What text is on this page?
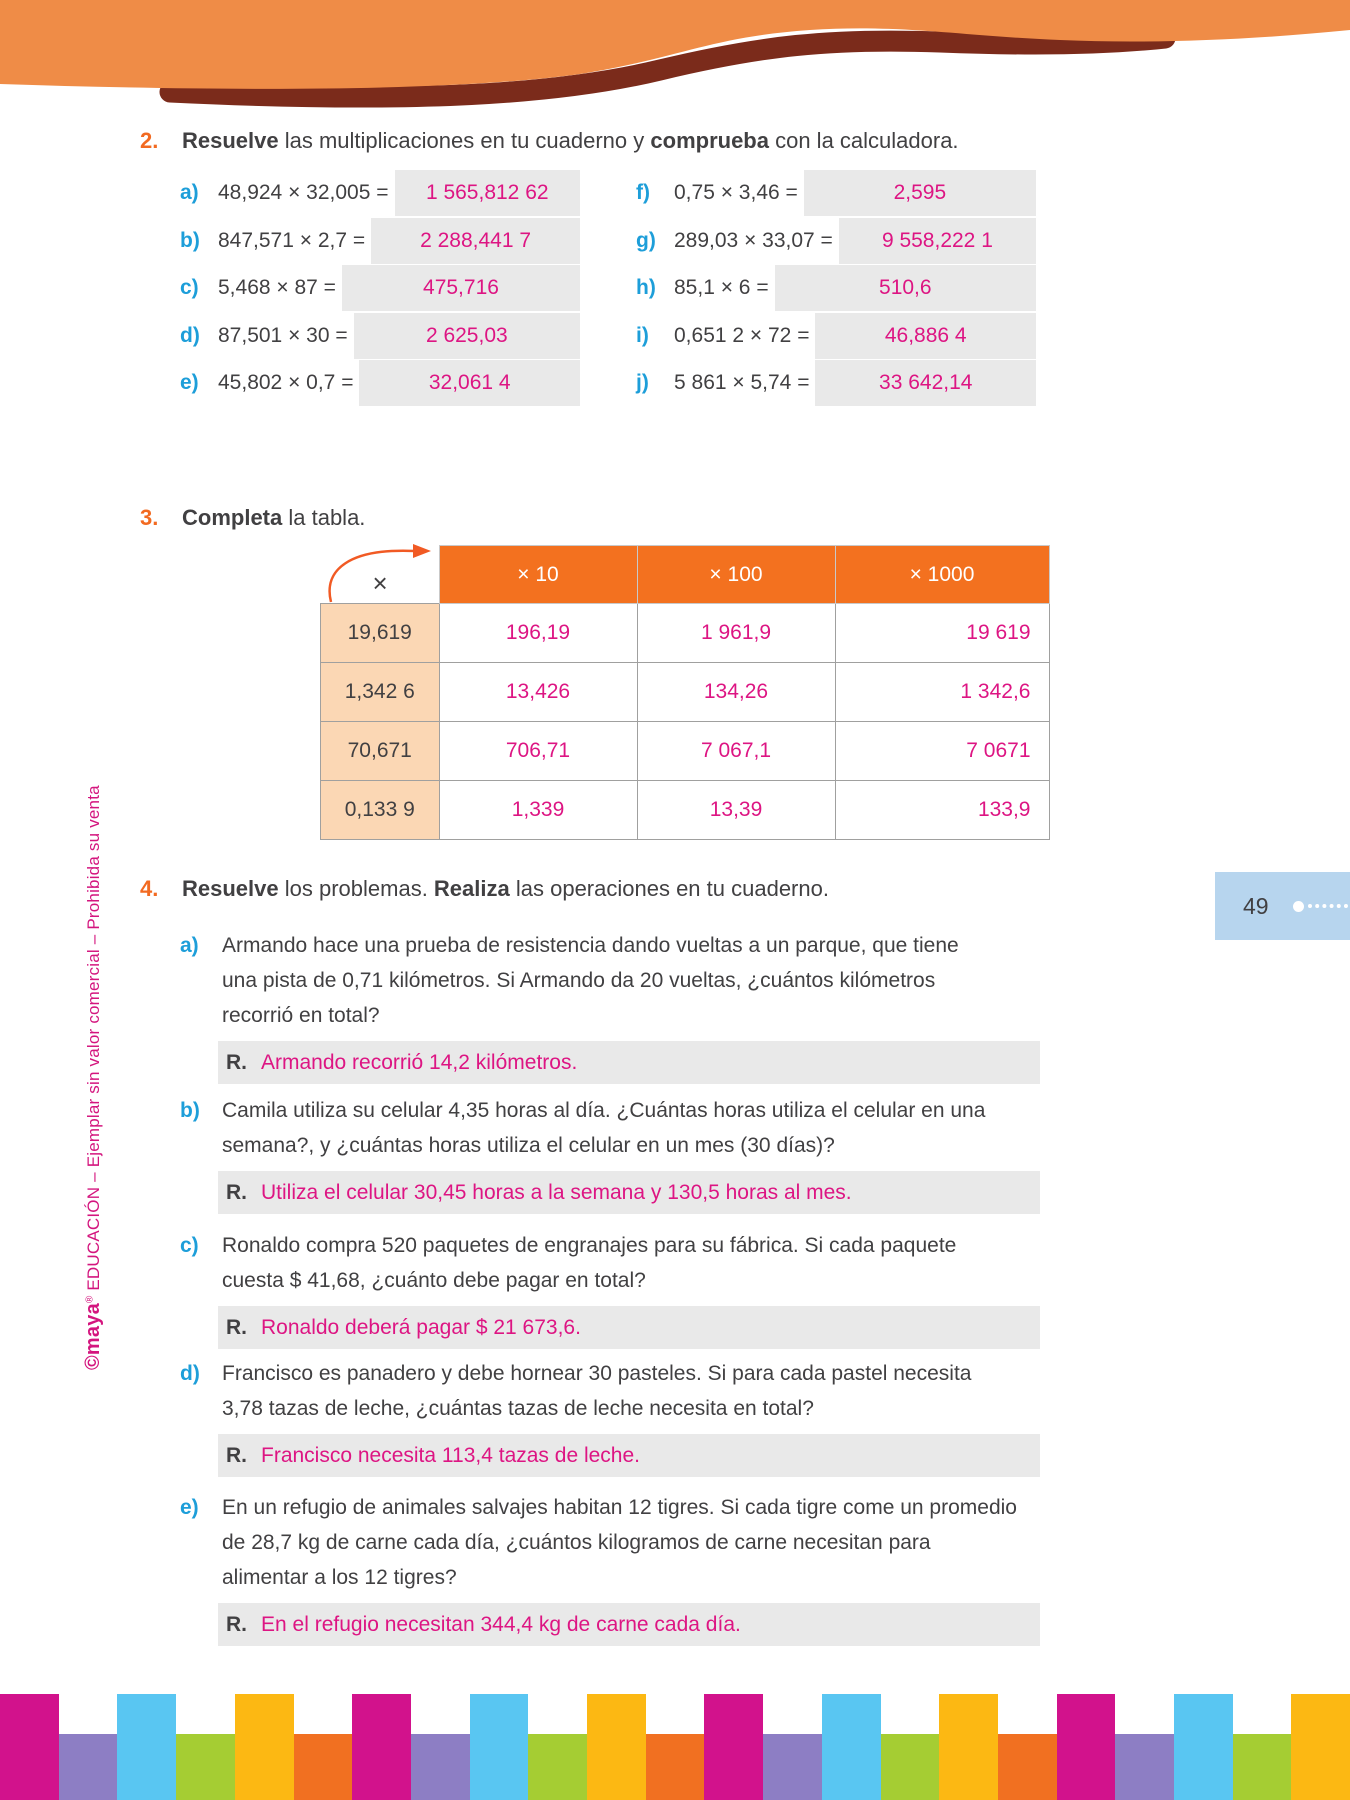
©maya® EDUCACIÓN – Ejemplar sin valor comercial – Prohibida su venta
2. Resuelve las multiplicaciones en tu cuaderno y comprueba con la calculadora.
a) 48,924 × 32,005 = 1 565,812 62
b) 847,571 × 2,7 =	2 288,441 7
c) 5,468 × 87 =	475,716
d) 87,501 × 30 =	2 625,03
e) 45,802 × 0,7 =	32,061 4
f)	0,75 × 3,46 =	2,595
g) 289,03 × 33,07 = 9 558,222 1
h) 85,1 × 6 =	510,6
i)	0,651 2 × 72 =	46,886 4
j)	5 861 × 5,74 =	33 642,14
3. Completa la tabla.
×	× 10	× 100	× 1000
19,619	196,19	1 961,9	19 619
1,342 6	13,426	134,26	1 342,6
70,671	706,71	7 067,1	7 0671
0,133 9	1,339	13,39	133,9
4. Resuelve los problemas. Realiza las operaciones en tu cuaderno.
a) Armando hace una prueba de resistencia dando vueltas a un parque, que tiene
una pista de 0,71 kilómetros. Si Armando da 20 vueltas, ¿cuántos kilómetros
recorrió en total?
R. Armando recorrió 14,2 kilómetros.
b) Camila utiliza su celular 4,35 horas al día. ¿Cuántas horas utiliza el celular en una
semana?, y ¿cuántas horas utiliza el celular en un mes (30 días)?
R. Utiliza el celular 30,45 horas a la semana y 130,5 horas al mes.
c) Ronaldo compra 520 paquetes de engranajes para su fábrica. Si cada paquete
cuesta $ 41,68, ¿cuánto debe pagar en total?
R. Ronaldo deberá pagar $ 21 673,6.
d) Francisco es panadero y debe hornear 30 pasteles. Si para cada pastel necesita
3,78 tazas de leche, ¿cuántas tazas de leche necesita en total?
R. Francisco necesita 113,4 tazas de leche.
e) En un refugio de animales salvajes habitan 12 tigres. Si cada tigre come un promedio
de 28,7 kg de carne cada día, ¿cuántos kilogramos de carne necesitan para
alimentar a los 12 tigres?
R. En el refugio necesitan 344,4 kg de carne cada día.
49
